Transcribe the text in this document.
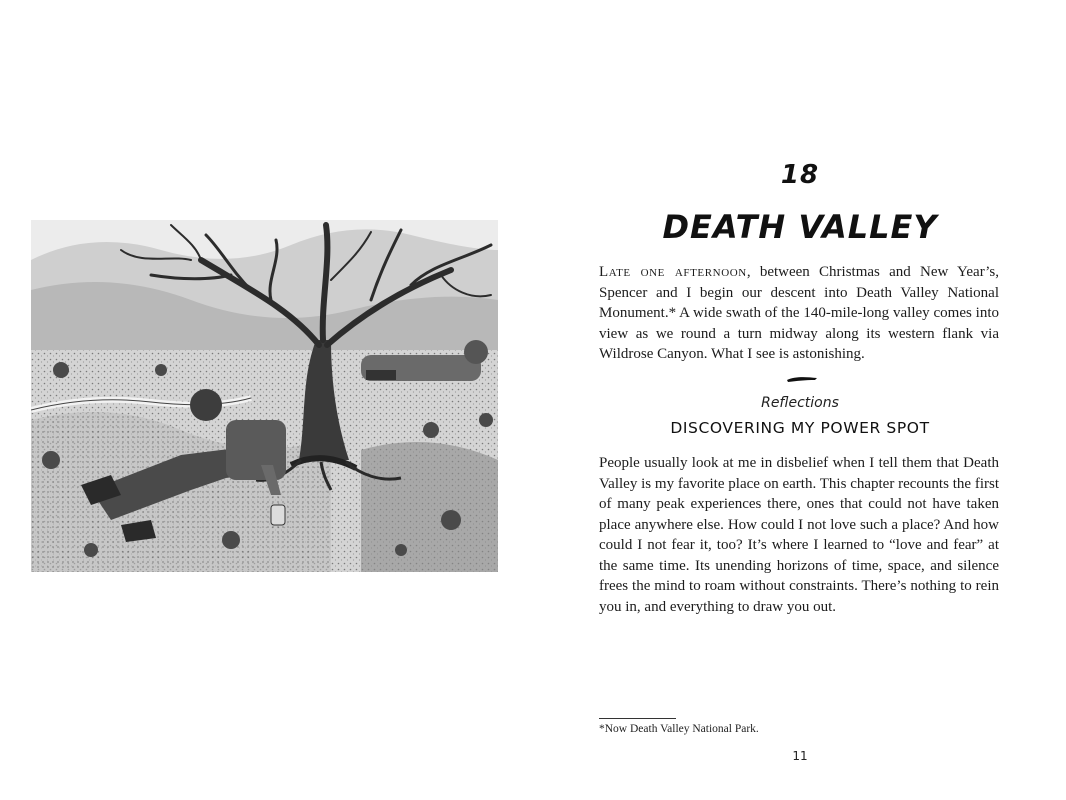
18
DEATH VALLEY

Late one afternoon, between Christmas and New Year’s, Spencer and I begin our descent into Death Valley National Monument.* A wide swath of the 140-mile-long valley comes into view as we round a turn midway along its western flank via Wildrose Canyon. What I see is astonishing.

Reflections
DISCOVERING MY POWER SPOT

People usually look at me in disbelief when I tell them that Death Valley is my favorite place on earth. This chapter recounts the first of many peak experiences there, ones that could not have taken place anywhere else. How could I not love such a place? And how could I not fear it, too? It’s where I learned to “love and fear” at the same time. Its unending horizons of time, space, and silence frees the mind to roam without constraints. There’s nothing to rein you in, and everything to draw you out.

*Now Death Valley National Park.
11
